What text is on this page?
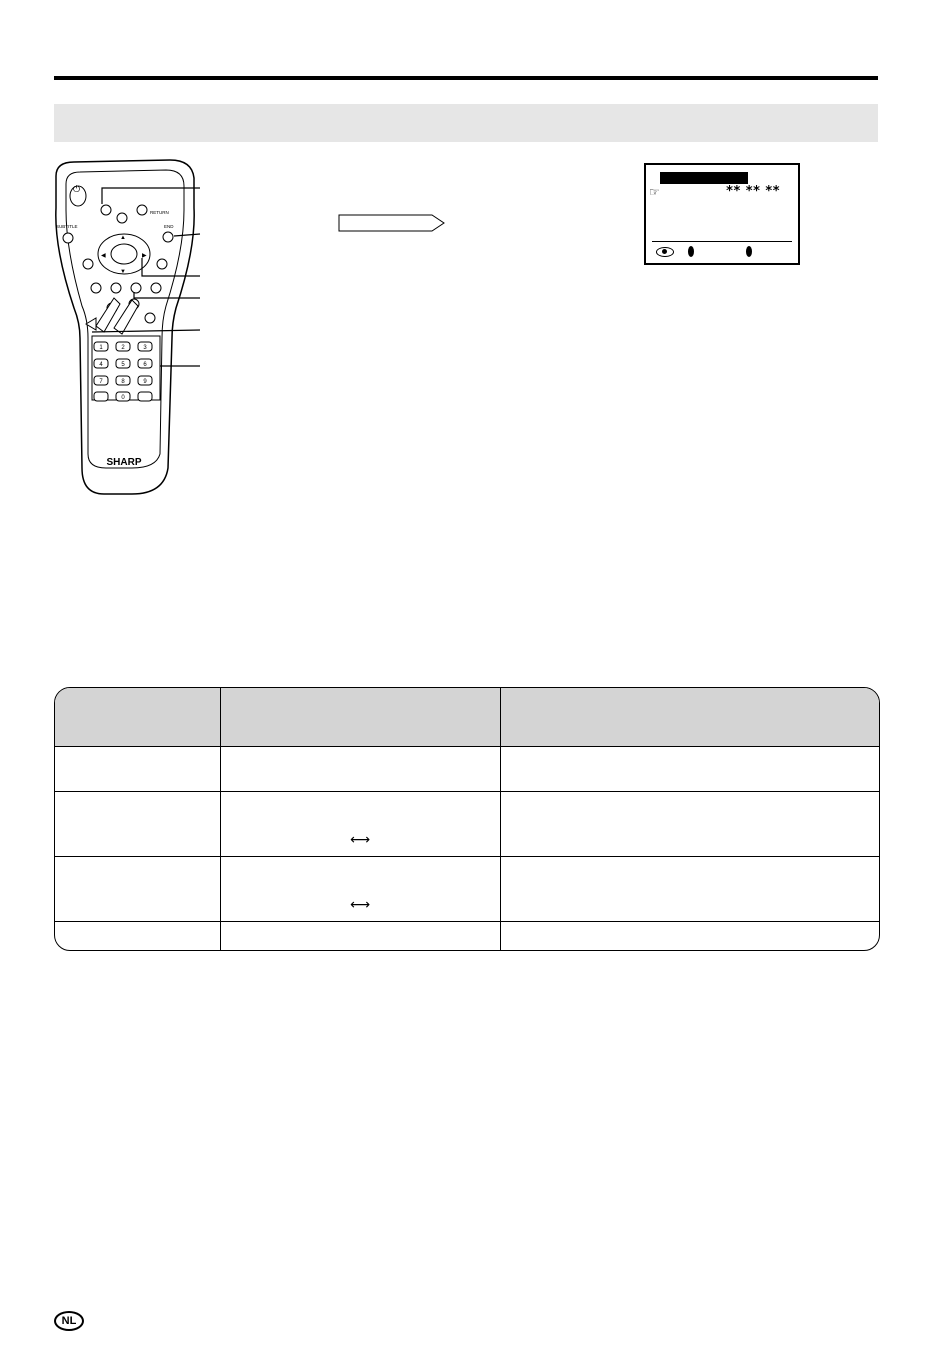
⏻
SUBTITLE
RETURN
END
▲
▼
◀	▶
1	2	3
4	5	6
7	8	9
0
SHARP
☞	** ** **

	⟷	
	⟷	

NL
